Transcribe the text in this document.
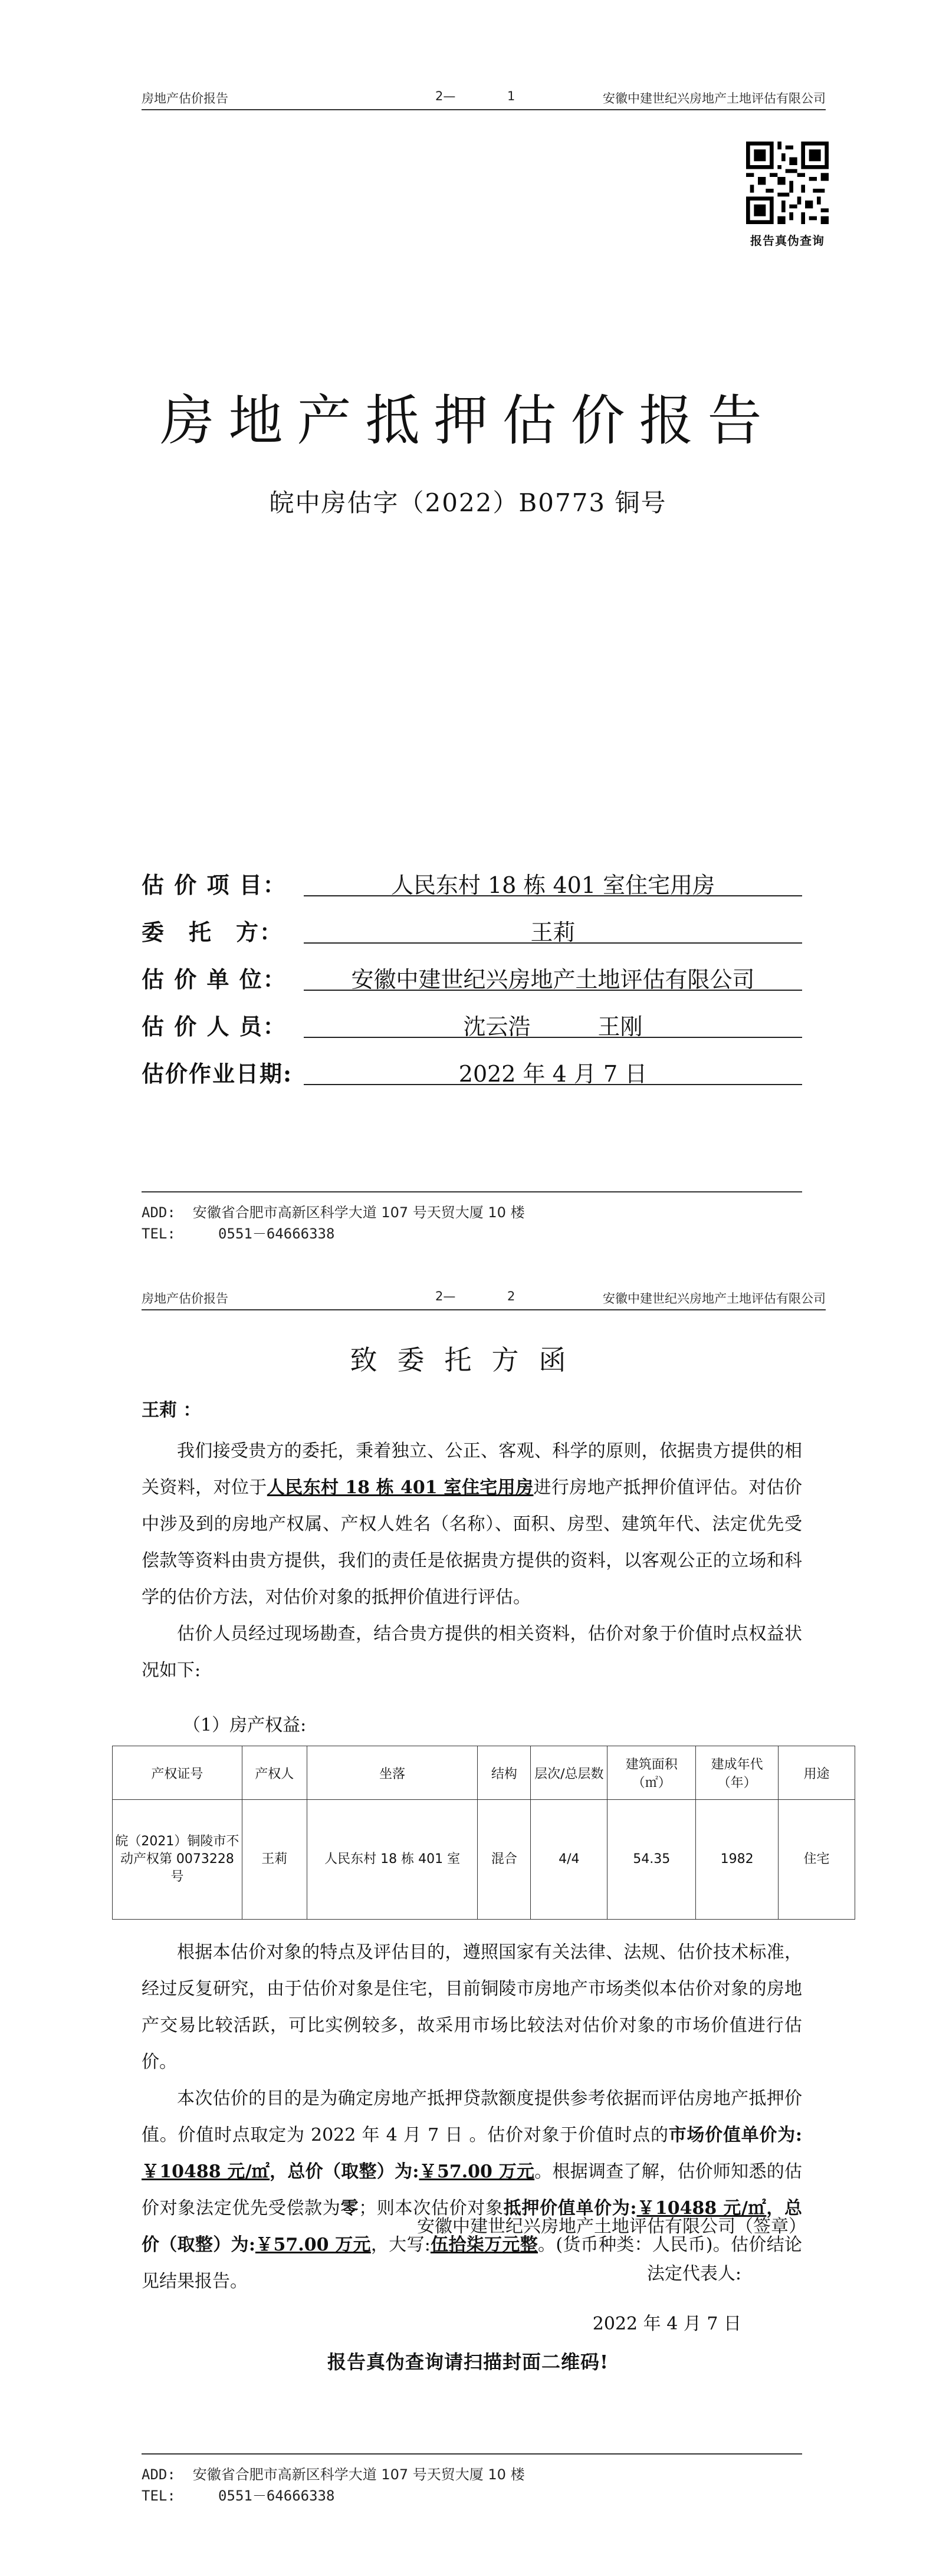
房地产估价报告	2—	1	安徽中建世纪兴房地产土地评估有限公司
报告真伪查询
房地产抵押估价报告
皖中房估字（2022）B0773 铜号
估 价 项 目：	人民东村 18 栋 401 室住宅用房
委　托　方：	王莉
估 价 单 位：	安徽中建世纪兴房地产土地评估有限公司
估 价 人 员：	沈云浩　　　王刚
估价作业日期:	2022 年 4 月 7 日
ADD: 安徽省合肥市高新区科学大道 107 号天贸大厦 10 楼
TEL:	0551－64666338
房地产估价报告	2—	2	安徽中建世纪兴房地产土地评估有限公司
致委托方函
王莉 ：

我们接受贵方的委托，秉着独立、公正、客观、科学的原则，依据贵方提供的相关资料，对位于人民东村 18 栋 401 室住宅用房进行房地产抵押价值评估。对估价中涉及到的房地产权属、产权人姓名（名称）、面积、房型、建筑年代、法定优先受偿款等资料由贵方提供，我们的责任是依据贵方提供的资料，以客观公正的立场和科学的估价方法，对估价对象的抵押价值进行评估。

估价人员经过现场勘查，结合贵方提供的相关资料，估价对象于价值时点权益状况如下:

（1）房产权益:
产权证号	产权人	坐落	结构	层次/总层数	建筑面积（㎡）	建成年代（年）	用途
皖（2021）铜陵市不动产权第 0073228 号	王莉	人民东村 18 栋 401 室	混合	4/4	54.35	1982	住宅

根据本估价对象的特点及评估目的，遵照国家有关法律、法规、估价技术标准，经过反复研究，由于估价对象是住宅，目前铜陵市房地产市场类似本估价对象的房地产交易比较活跃，可比实例较多，故采用市场比较法对估价对象的市场价值进行估价。

本次估价的目的是为确定房地产抵押贷款额度提供参考依据而评估房地产抵押价值。价值时点取定为 2022 年 4 月 7 日 。估价对象于价值时点的市场价值单价为:￥10488 元/㎡，总价（取整）为:￥57.00 万元。根据调查了解，估价师知悉的估价对象法定优先受偿款为零；则本次估价对象抵押价值单价为:￥10488 元/㎡，总价（取整）为:￥57.00 万元，大写:伍拾柒万元整。(货币种类：人民币)。估价结论见结果报告。

安徽中建世纪兴房地产土地评估有限公司（签章）
法定代表人:
2022 年 4 月 7 日
报告真伪查询请扫描封面二维码!
ADD: 安徽省合肥市高新区科学大道 107 号天贸大厦 10 楼
TEL:	0551－64666338
